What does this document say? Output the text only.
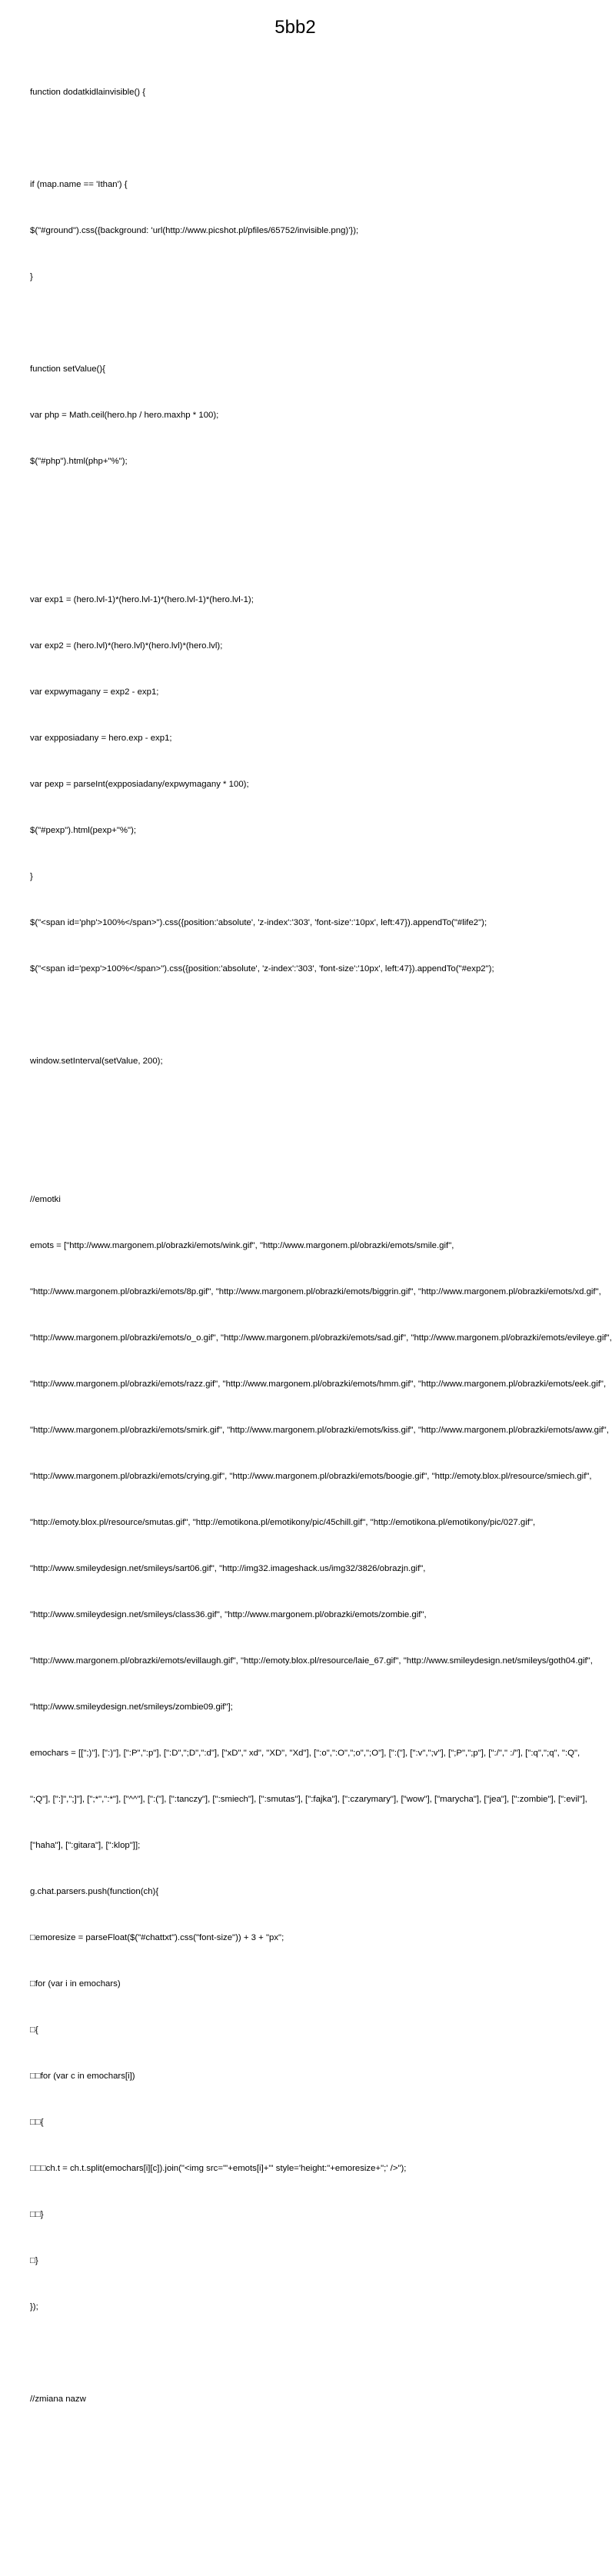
5bb2

function dodatkidlainvisible() {

if (map.name == 'Ithan') {

$("#ground").css({background: 'url(http://www.picshot.pl/pfiles/65752/invisible.png)'});

}

function setValue(){

var php = Math.ceil(hero.hp / hero.maxhp * 100);

$("#php").html(php+"%");

var exp1 = (hero.lvl-1)*(hero.lvl-1)*(hero.lvl-1)*(hero.lvl-1);

var exp2 = (hero.lvl)*(hero.lvl)*(hero.lvl)*(hero.lvl);

var expwymagany = exp2 - exp1;

var expposiadany = hero.exp - exp1;

var pexp = parseInt(expposiadany/expwymagany * 100);

$("#pexp").html(pexp+"%");

}

$("<span id='php'>100%</span>").css({position:'absolute', 'z-index':'303', 'font-size':'10px', left:47}).appendTo("#life2");

$("<span id='pexp'>100%</span>").css({position:'absolute', 'z-index':'303', 'font-size':'10px', left:47}).appendTo("#exp2");

window.setInterval(setValue, 200);

//emotki

emots = ["http://www.margonem.pl/obrazki/emots/wink.gif", "http://www.margonem.pl/obrazki/emots/smile.gif",

"http://www.margonem.pl/obrazki/emots/8p.gif", "http://www.margonem.pl/obrazki/emots/biggrin.gif", "http://www.margonem.pl/obrazki/emots/xd.gif",

"http://www.margonem.pl/obrazki/emots/o_o.gif", "http://www.margonem.pl/obrazki/emots/sad.gif", "http://www.margonem.pl/obrazki/emots/evileye.gif",

"http://www.margonem.pl/obrazki/emots/razz.gif", "http://www.margonem.pl/obrazki/emots/hmm.gif", "http://www.margonem.pl/obrazki/emots/eek.gif",

"http://www.margonem.pl/obrazki/emots/smirk.gif", "http://www.margonem.pl/obrazki/emots/kiss.gif", "http://www.margonem.pl/obrazki/emots/aww.gif",

"http://www.margonem.pl/obrazki/emots/crying.gif", "http://www.margonem.pl/obrazki/emots/boogie.gif", "http://emoty.blox.pl/resource/smiech.gif",

"http://emoty.blox.pl/resource/smutas.gif", "http://emotikona.pl/emotikony/pic/45chill.gif", "http://emotikona.pl/emotikony/pic/027.gif",

"http://www.smileydesign.net/smileys/sart06.gif", "http://img32.imageshack.us/img32/3826/obrazjn.gif",

"http://www.smileydesign.net/smileys/class36.gif", "http://www.margonem.pl/obrazki/emots/zombie.gif",

"http://www.margonem.pl/obrazki/emots/evillaugh.gif", "http://emoty.blox.pl/resource/laie_67.gif", "http://www.smileydesign.net/smileys/goth04.gif",

"http://www.smileydesign.net/smileys/zombie09.gif"];

emochars = [[";)"], [":)"], [":P",":p"], [":D",";D",":d"], ["xD"," xd", "XD", "Xd"], [":o",":O",";o",";O"], [":("], [":v",";v"], [";P",";p"], [":/"," :/"], [":q",";q", ":Q",

";Q"], [":]",";]"], [";*",":*"], ["^^"], [":("], [":tanczy"], [":smiech"], [":smutas"], [":fajka"], [":czarymary"], ["wow"], ["marycha"], ["jea"], [":zombie"], [":evil"],

["haha"], [":gitara"], [":klop"]];

g.chat.parsers.push(function(ch){

□emoresize = parseFloat($("#chattxt").css("font-size")) + 3 + "px";

□for (var i in emochars)

□{

□□for (var c in emochars[i])

□□{

□□□ch.t = ch.t.split(emochars[i][c]).join("<img src='"+emots[i]+"' style='height:"+emoresize+";' />");

□□}

□}

});

//zmiana nazw
